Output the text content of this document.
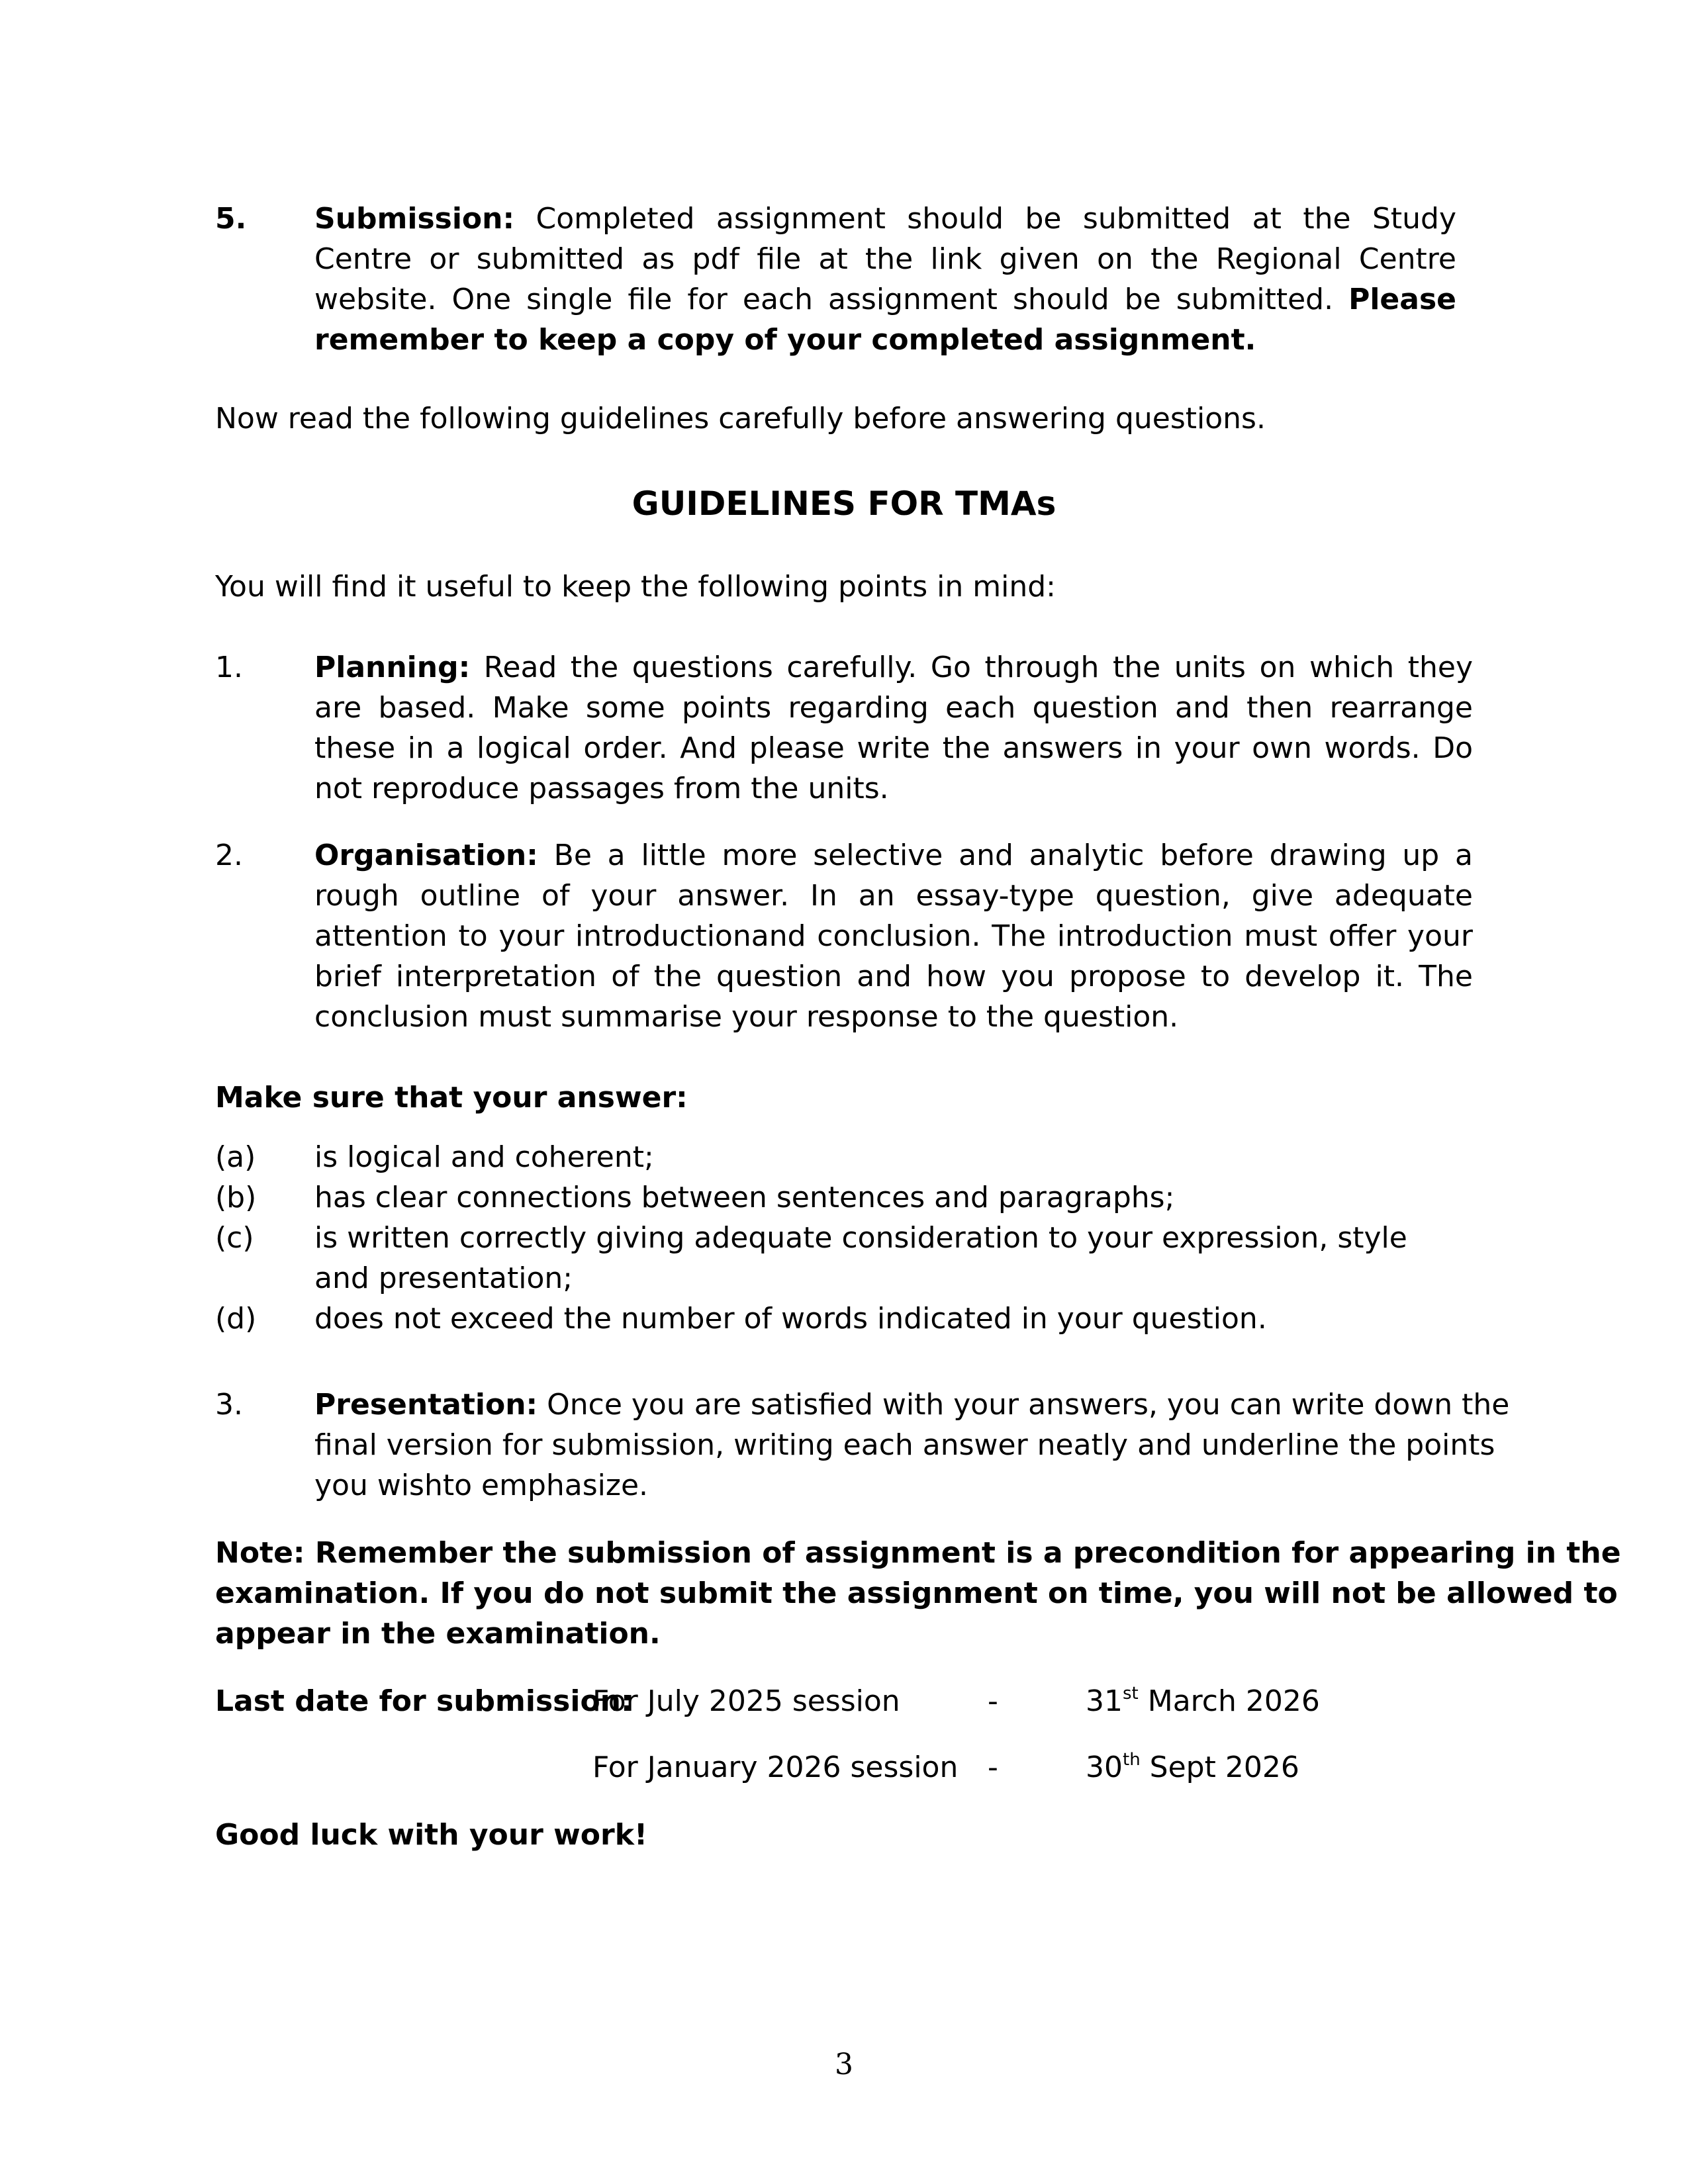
5. Submission: Completed assignment should be submitted at the Study Centre or submitted as pdf file at the link given on the Regional Centre website. One single file for each assignment should be submitted. Please remember to keep a copy of your completed assignment.
Now read the following guidelines carefully before answering questions.
GUIDELINES FOR TMAs
You will find it useful to keep the following points in mind:
1. Planning: Read the questions carefully. Go through the units on which they are based. Make some points regarding each question and then rearrange these in a logical order. And please write the answers in your own words. Do not reproduce passages from the units.
2. Organisation: Be a little more selective and analytic before drawing up a rough outline of your answer. In an essay-type question, give adequate attention to your introductionand conclusion. The introduction must offer your brief interpretation of the question and how you propose to develop it. The conclusion must summarise your response to the question.
Make sure that your answer:
(a) is logical and coherent;
(b) has clear connections between sentences and paragraphs;
(c) is written correctly giving adequate consideration to your expression, style
and presentation;
(d) does not exceed the number of words indicated in your question.
3. Presentation: Once you are satisfied with your answers, you can write down the
final version for submission, writing each answer neatly and underline the points
you wishto emphasize.
Note: Remember the submission of assignment is a precondition for appearing in the
examination. If you do not submit the assignment on time, you will not be allowed to
appear in the examination.
Last date for submission:
For July 2025 session	-	31st March 2026
For January 2026 session -	30th Sept 2026
Good luck with your work!
3
